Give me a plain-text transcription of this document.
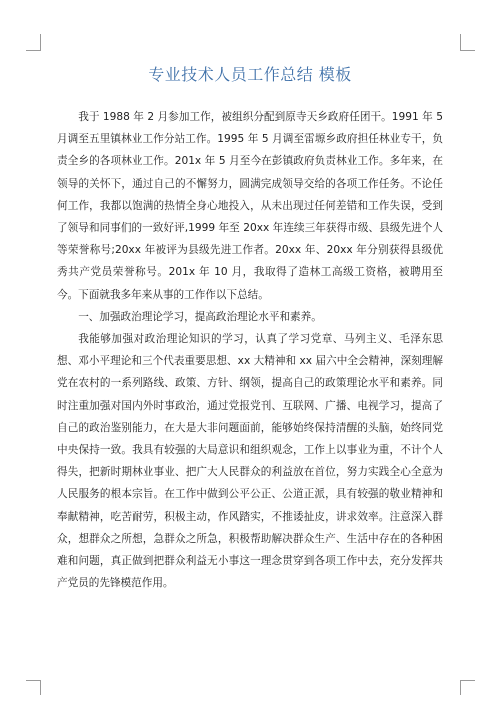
专业技术人员工作总结 模板

我于 1988 年 2 月参加工作，被组织分配到原寺天乡政府任团干。1991 年 5 月调至五里镇林业工作分站工作。1995 年 5 月调至雷塬乡政府担任林业专干，负责全乡的各项林业工作。201x 年 5 月至今在彭镇政府负责林业工作。多年来，在领导的关怀下，通过自己的不懈努力，圆满完成领导交给的各项工作任务。不论任何工作，我都以饱满的热情全身心地投入，从未出现过任何差错和工作失误，受到了领导和同事们的一致好评,1999 年至 20xx 年连续三年获得市级、县级先进个人等荣誉称号;20xx 年被评为县级先进工作者。20xx 年、20xx 年分别获得县级优秀共产党员荣誉称号。201x 年 10 月，我取得了造林工高级工资格，被聘用至今。下面就我多年来从事的工作作以下总结。

一、加强政治理论学习，提高政治理论水平和素养。

我能够加强对政治理论知识的学习，认真了学习党章、马列主义、毛泽东思想、邓小平理论和三个代表重要思想、xx 大精神和 xx 届六中全会精神，深刻理解党在农村的一系列路线、政策、方针、纲领，提高自己的政策理论水平和素养。同时注重加强对国内外时事政治，通过党报党刊、互联网、广播、电视学习，提高了自己的政治鉴别能力，在大是大非问题面前，能够始终保持清醒的头脑，始终同党中央保持一致。我具有较强的大局意识和组织观念，工作上以事业为重，不计个人得失，把新时期林业事业、把广大人民群众的利益放在首位，努力实践全心全意为人民服务的根本宗旨。在工作中做到公平公正、公道正派，具有较强的敬业精神和奉献精神，吃苦耐劳，积极主动，作风踏实，不推诿扯皮，讲求效率。注意深入群众，想群众之所想，急群众之所急，积极帮助解决群众生产、生活中存在的各种困难和问题，真正做到把群众利益无小事这一理念贯穿到各项工作中去，充分发挥共产党员的先锋模范作用。
